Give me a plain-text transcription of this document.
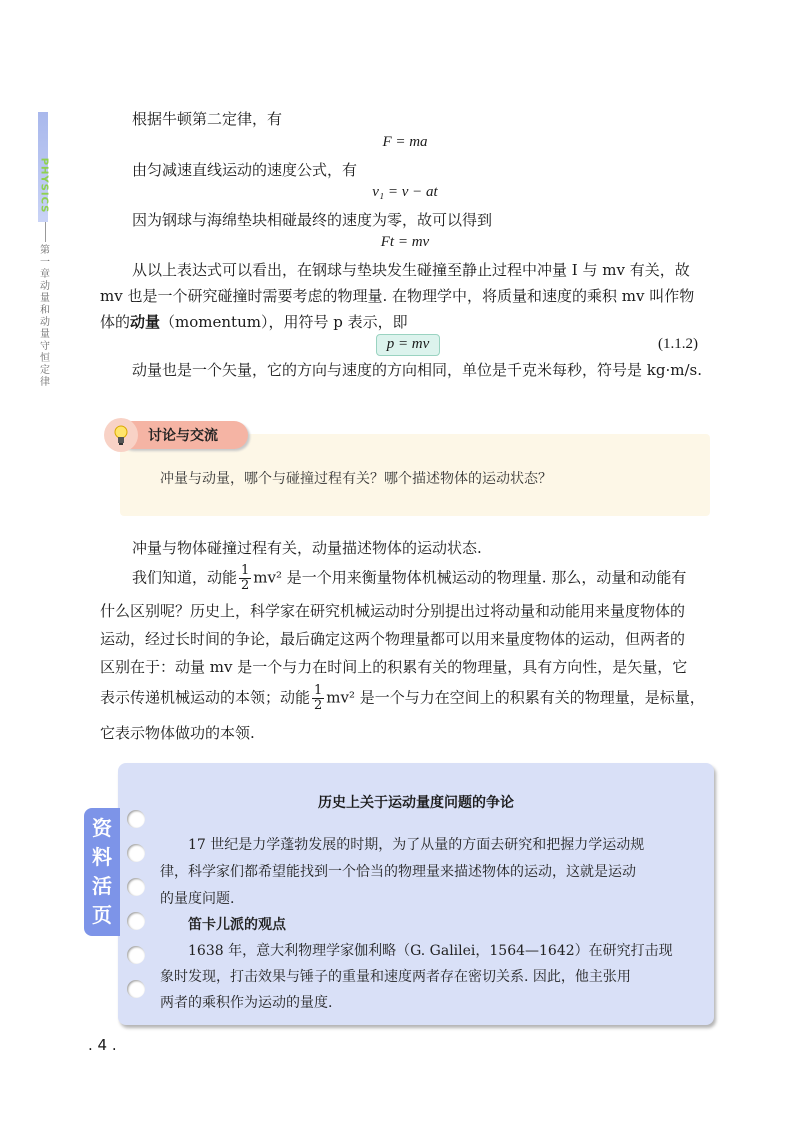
PHYSICS
第一章 动量和动量守恒定律

根据牛顿第二定律，有

F = ma

由匀减速直线运动的速度公式，有

v₁ = v − at

因为钢球与海绵垫块相碰最终的速度为零，故可以得到

Ft = mv

从以上表达式可以看出，在钢球与垫块发生碰撞至静止过程中冲量 I 与 mv 有关，故

mv 也是一个研究碰撞时需要考虑的物理量. 在物理学中，将质量和速度的乘积 mv 叫作物

体的动量（momentum），用符号 p 表示，即

p = mv	(1.1.2)

动量也是一个矢量，它的方向与速度的方向相同，单位是千克米每秒，符号是 kg·m/s.

讨论与交流
冲量与动量，哪个与碰撞过程有关？哪个描述物体的运动状态？

冲量与物体碰撞过程有关，动量描述物体的运动状态.

我们知道，动能 $\frac{1}{2} mv^2$ 是一个用来衡量物体机械运动的物理量. 那么，动量和动能有

什么区别呢？历史上，科学家在研究机械运动时分别提出过将动量和动能用来量度物体的

运动，经过长时间的争论，最后确定这两个物理量都可以用来量度物体的运动，但两者的

区别在于：动量 mv 是一个与力在时间上的积累有关的物理量，具有方向性，是矢量，它

表示传递机械运动的本领；动能 $\frac{1}{2} mv^2$ 是一个与力在空间上的积累有关的物理量，是标量，

它表示物体做功的本领.

资料活页
历史上关于运动量度问题的争论
17 世纪是力学蓬勃发展的时期，为了从量的方面去研究和把握力学运动规
律，科学家们都希望能找到一个恰当的物理量来描述物体的运动，这就是运动
的量度问题.
笛卡儿派的观点
1638 年，意大利物理学家伽利略（G. Galilei，1564—1642）在研究打击现
象时发现，打击效果与锤子的重量和速度两者存在密切关系. 因此，他主张用
两者的乘积作为运动的量度.
. 4 .
